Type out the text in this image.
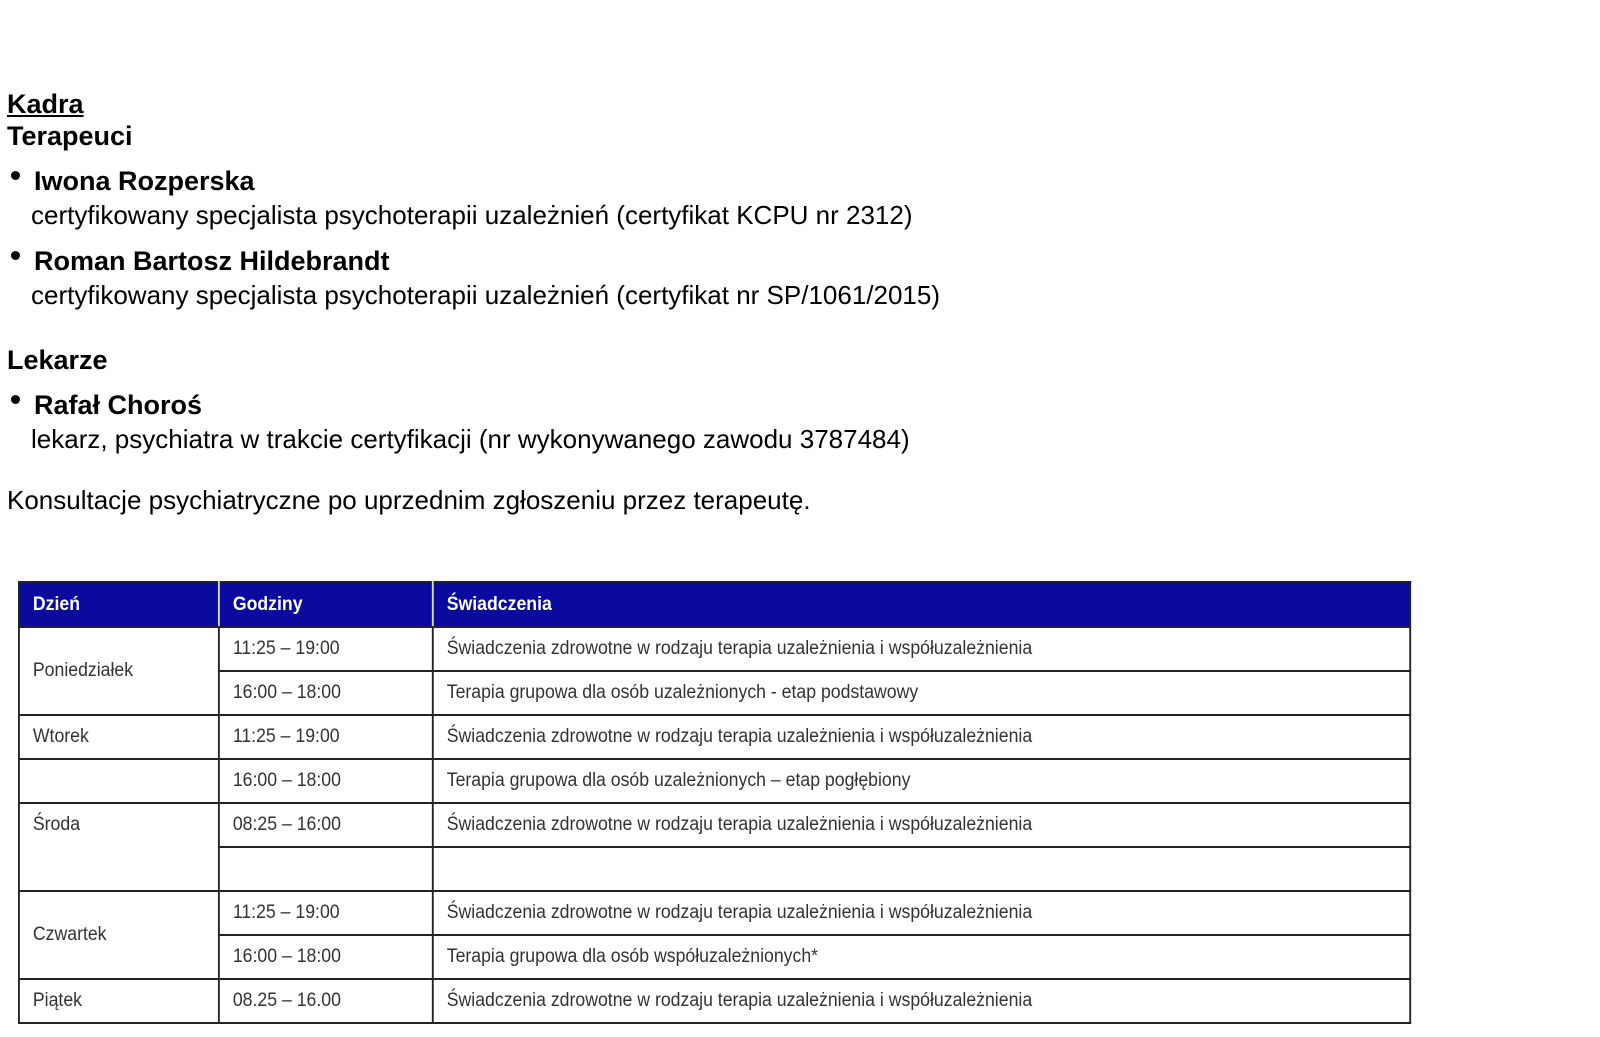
Kadra
Terapeuci
Iwona Rozperska
certyfikowany specjalista psychoterapii uzależnień (certyfikat KCPU nr 2312)
Roman Bartosz Hildebrandt
certyfikowany specjalista psychoterapii uzależnień (certyfikat nr SP/1061/2015)
Lekarze
Rafał Choroś
lekarz, psychiatra w trakcie certyfikacji (nr wykonywanego zawodu 3787484)
Konsultacje psychiatryczne po uprzednim zgłoszeniu przez terapeutę.
Dzień	Godziny	Świadczenia
Poniedziałek	11:25 – 19:00	Świadczenia zdrowotne w rodzaju terapia uzależnienia i współuzależnienia
	16:00 – 18:00	Terapia grupowa dla osób uzależnionych - etap podstawowy
Wtorek	11:25 – 19:00	Świadczenia zdrowotne w rodzaju terapia uzależnienia i współuzależnienia
	16:00 – 18:00	Terapia grupowa dla osób uzależnionych – etap pogłębiony
Środa	08:25 – 16:00	Świadczenia zdrowotne w rodzaju terapia uzależnienia i współuzależnienia

Czwartek	11:25 – 19:00	Świadczenia zdrowotne w rodzaju terapia uzależnienia i współuzależnienia
	16:00 – 18:00	Terapia grupowa dla osób współuzależnionych*
Piątek	08.25 – 16.00	Świadczenia zdrowotne w rodzaju terapia uzależnienia i współuzależnienia
